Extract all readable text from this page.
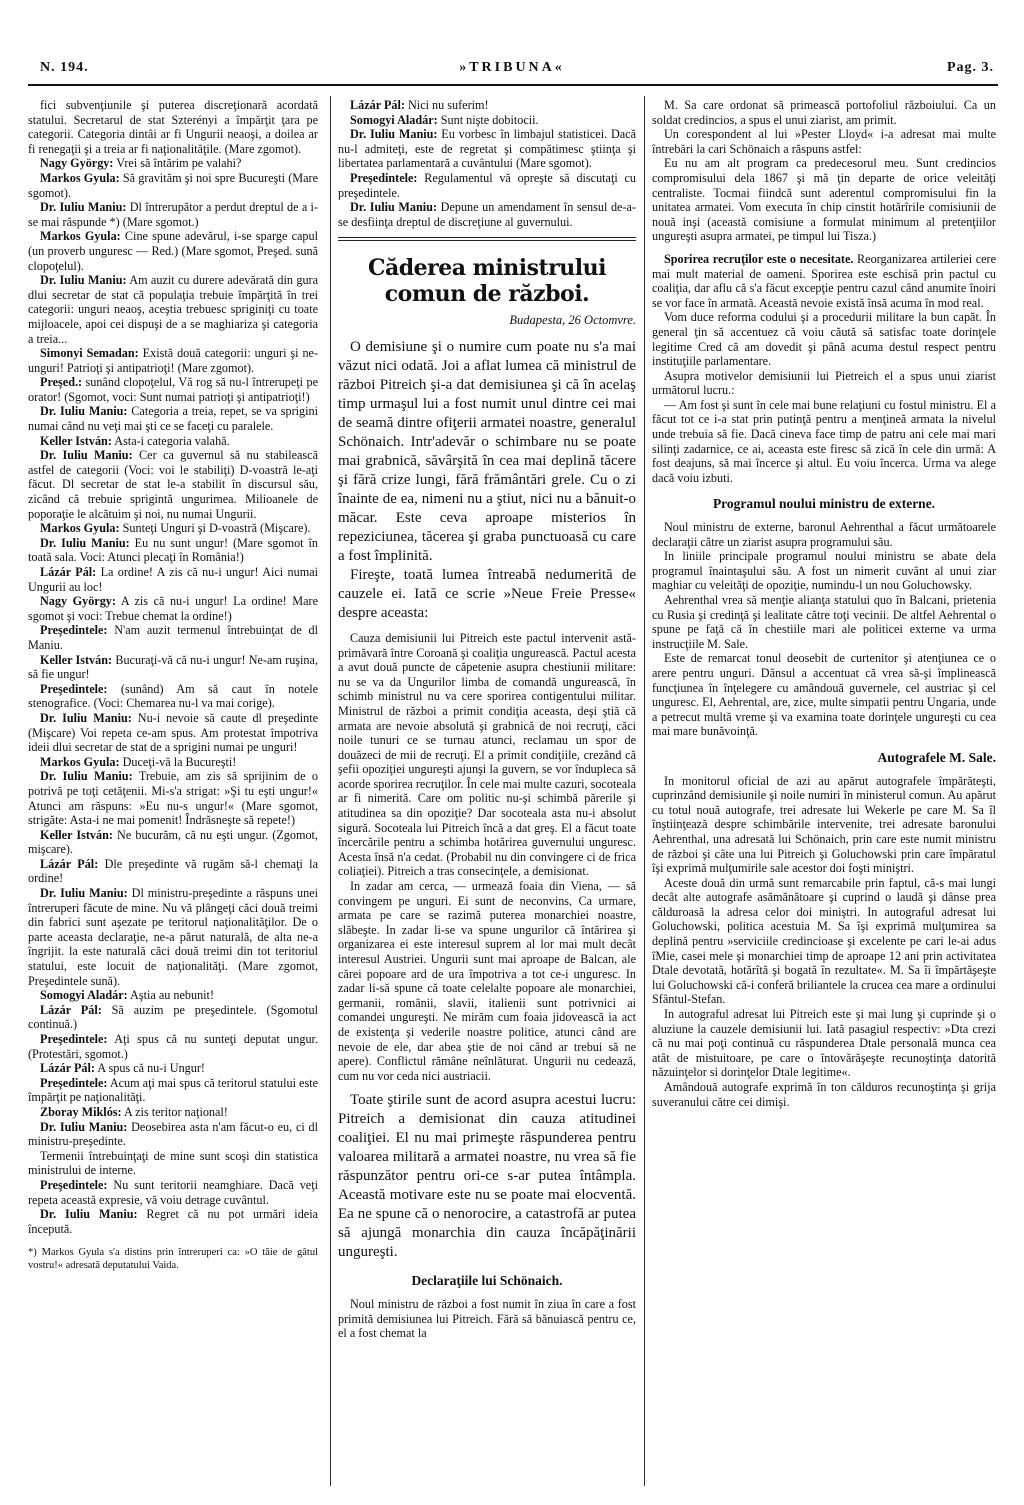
N. 194.	»TRIBUNA«	Pag. 3.

fici subvenţiunile şi puterea discreţionară acordată statului. Secretarul de stat Szterényi a împărţit ţara pe categorii. Categoria dintâi ar fi Ungurii neaoşi, a doilea ar fi renegaţii şi a treia ar fi naţionalităţile. (Mare zgomot).

Nagy György: Vrei să întărim pe valahi?

Markos Gyula: Să gravităm şi noi spre Bucureşti (Mare sgomot).

Dr. Iuliu Maniu: Dl întrerupător a perdut dreptul de a i-se mai răspunde *) (Mare sgomot.)

Markos Gyula: Cine spune adevărul, i-se sparge capul (un proverb unguresc — Red.) (Mare sgomot, Preşed. sună clopoţelul).

Dr. Iuliu Maniu: Am auzit cu durere adevărată din gura dlui secretar de stat că populaţia trebuie împărţită în trei categorii: unguri neaoş, aceştia trebuesc spriginiţi cu toate mijloacele, apoi cei dispuşi de a se maghiariza şi categoria a treia...

Simonyi Semadan: Există două categorii: unguri şi ne-unguri! Patrioţi şi antipatrioţi! (Mare zgomot).

Preşed.: sunând clopoţelul, Vă rog să nu-l întrerupeţi pe orator! (Sgomot, voci: Sunt numai patrioţi şi antipatrioţi!)

Dr. Iuliu Maniu: Categoria a treia, repet, se va sprigini numai când nu veţi mai şti ce se faceţi cu paralele.

Keller István: Asta-i categoria valahă.

Dr. Iuliu Maniu: Cer ca guvernul să nu stabilească astfel de categorii (Voci: voi le stabiliţi) D-voastră le-aţi făcut. Dl secretar de stat le-a stabilit în discursul său, zicând că trebuie sprigintă ungurimea. Milioanele de poporaţie le alcătuim şi noi, nu numai Ungurii.

Markos Gyula: Sunteţi Unguri şi D-voastră (Mişcare).

Dr. Iuliu Maniu: Eu nu sunt ungur! (Mare sgomot în toată sala. Voci: Atunci plecaţi în România!)

Lázár Pál: La ordine! A zis că nu-i ungur! Aici numai Ungurii au loc!

Nagy György: A zis că nu-i ungur! La ordine! Mare sgomot şi voci: Trebue chemat la ordine!)

Preşedintele: N'am auzit termenul întrebuinţat de dl Maniu.

Keller István: Bucuraţi-vă că nu-i ungur! Ne-am ruşina, să fie ungur!

Preşedintele: (sunând) Am să caut în notele stenografice. (Voci: Chemarea nu-l va mai corige).

Dr. Iuliu Maniu: Nu-i nevoie să caute dl preşedinte (Mişcare) Voi repeta ce-am spus. Am protestat împotriva ideii dlui secretar de stat de a sprigini numai pe unguri!

Markos Gyula: Duceţi-vă la Bucureşti!

Dr. Iuliu Maniu: Trebuie, am zis să sprijinim de o potrivă pe toţi cetăţenii. Mi-s'a strigat: »Şi tu eşti ungur!« Atunci am răspuns: »Eu nu-s ungur!« (Mare sgomot, strigăte: Asta-i ne mai pomenit! Îndrăsneşte să repete!)

Keller István: Ne bucurăm, că nu eşti ungur. (Zgomot, mişcare).

Lázár Pál: Dle preşedinte vă rugăm să-l chemaţi la ordine!

Dr. Iuliu Maniu: Dl ministru-preşedinte a răspuns unei întreruperi făcute de mine. Nu vă plângeţi căci două treimi din fabrici sunt aşezate pe teritorul naţionalităţilor. De o parte aceasta declaraţie, ne-a părut naturală, de alta ne-a îngrijit. la este naturală căci două treimi din tot teritoriul statului, este locuit de naţionalităţi. (Mare zgomot, Preşedintele sună).

Somogyi Aladár: Aştia au nebunit!

Lázár Pál: Să auzim pe preşedintele. (Sgomotul continuă.)

Preşedintele: Aţi spus că nu sunteţi deputat ungur. (Protestări, sgomot.)

Lázár Pál: A spus că nu-i Ungur!

Preşedintele: Acum aţi mai spus că teritorul statului este împărţit pe naţionalităţi.

Zboray Miklós: A zis teritor naţional!

Dr. Iuliu Maniu: Deosebirea asta n'am făcut-o eu, ci dl ministru-preşedinte.

Termenii întrebuinţaţi de mine sunt scoşi din statistica ministrului de interne.

Preşedintele: Nu sunt teritorii neamghiare. Dacă veţi repeta această expresie, vă voiu detrage cuvântul.

Dr. Iuliu Maniu: Regret că nu pot urmări ideia începută.

*) Markos Gyula s'a distins prin întreruperi ca: »O tăie de gâtul vostru!« adresată deputatului Vaida.

Lázár Pál: Nici nu suferim!

Somogyi Aladár: Sunt nişte dobitocii.

Dr. Iuliu Maniu: Eu vorbesc în limbajul statisticei. Dacă nu-l admiteţi, este de regretat şi compătimesc ştiinţa şi libertatea parlamentară a cuvântului (Mare sgomot).

Preşedintele: Regulamentul vă opreşte să discutaţi cu preşedintele.

Dr. Iuliu Maniu: Depune un amendament în sensul de-a-se desfiinţa dreptul de discreţiune al guvernului.

Căderea ministrului comun de război.

Budapesta, 26 Octomvre.

O demisiune şi o numire cum poate nu s'a mai văzut nici odată. Joi a aflat lumea că ministrul de război Pitreich şi-a dat demisiunea şi că în acelaş timp urmaşul lui a fost numit unul dintre cei mai de seamă dintre ofiţerii armatei noastre, generalul Schönaich. Intr'adevăr o schimbare nu se poate mai grabnică, săvârşită în cea mai deplină tăcere şi fără crize lungi, fără frământări grele. Cu o zi înainte de ea, nimeni nu a ştiut, nici nu a bănuit-o măcar. Este ceva aproape misterios în repeziciunea, tăcerea şi graba punctuoasă cu care a fost împlinită.

Fireşte, toată lumea întreabă nedumerită de cauzele ei. Iată ce scrie »Neue Freie Presse« despre aceasta:

Cauza demisiunii lui Pitreich este pactul intervenit astă-primăvară între Coroană şi coaliţia ungurească. Pactul acesta a avut două puncte de căpetenie asupra chestiunii militare: nu se va da Ungurilor limba de comandă ungurească, în schimb ministrul nu va cere sporirea contigentului militar. Ministrul de război a primit condiţia aceasta, deşi ştiă că armata are nevoie absolută şi grabnică de noi recruţi, căci noile tunuri ce se turnau atunci, reclamau un spor de douăzeci de mii de recruţi. El a primit condiţiile, crezând că şefii opoziţiei ungureşti ajunşi la guvern, se vor îndupleca să acorde sporirea recruţilor. În cele mai multe cazuri, socoteala ar fi nimerită. Care om politic nu-şi schimbă părerile şi atitudinea sa din opoziţie? Dar socoteala asta nu-i absolut sigură. Socoteala lui Pitreich încă a dat greş. El a făcut toate încercările pentru a schimba hotărirea guvernului unguresc. Acesta însă n'a cedat. (Probabil nu din convingere ci de frica coliaţiei). Pitreich a tras consecinţele, a demisionat.

In zadar am cerca, — urmează foaia din Viena, — să convingem pe unguri. Ei sunt de neconvins, Ca urmare, armata pe care se razimă puterea monarchiei noastre, slăbeşte. In zadar li-se va spune ungurilor că întărirea şi organizarea ei este interesul suprem al lor mai mult decât interesul Austriei. Ungurii sunt mai aproape de Balcan, ale cărei popoare ard de ura împotriva a tot ce-i unguresc. In zadar li-să spune că toate celelalte popoare ale monarchiei, germanii, românii, slavii, italienii sunt potrivnici ai comandei ungureşti. Ne mirăm cum foaia jidovească ia act de existenţa şi vederile noastre politice, atunci când are nevoie de ele, dar abea ştie de noi când ar trebui să ne apere). Conflictul rămâne neînlăturat. Ungurii nu cedează, cum nu vor ceda nici austriacii.

Toate ştirile sunt de acord asupra acestui lucru: Pitreich a demisionat din cauza atitudinei coaliţiei. El nu mai primeşte răspunderea pentru valoarea militară a armatei noastre, nu vrea să fie răspunzător pentru ori-ce s-ar putea întâmpla. Această motivare este nu se poate mai elocventă. Ea ne spune că o nenorocire, a catastrofă ar putea să ajungă monarchia din cauza încăpăţinării ungureşti.

Declaraţiile lui Schönaich.

Noul ministru de război a fost numit în ziua în care a fost primită demisiunea lui Pitreich. Fără să bănuiască pentru ce, el a fost chemat la

M. Sa care ordonat să primească portofoliul războiului. Ca un soldat credincios, a spus el unui ziarist, am primit.

Un corespondent al lui »Pester Lloyd« i-a adresat mai multe întrebări la cari Schönaich a răspuns astfel:

Eu nu am alt program ca predecesorul meu. Sunt credincios compromisului dela 1867 şi mă ţin departe de orice veleităţi centraliste. Tocmai fiindcă sunt aderentul compromisului fin la unitatea armatei. Vom executa în chip cinstit hotărîrile comisiunii de nouă inşi (această comisiune a formulat minimum al pretenţiilor ungureşti asupra armatei, pe timpul lui Tisza.)

Sporirea recruţilor este o necesitate. Reorganizarea artileriei cere mai mult material de oameni. Sporirea este eschisă prin pactul cu coaliţia, dar aflu că s'a făcut excepţie pentru cazul când anumite înoiri se vor face în armată. Această nevoie există însă acuma în mod real.

Vom duce reforma codului şi a procedurii militare la bun capăt. În general ţin să accentuez că voiu căută să satisfac toate dorinţele legitime Cred că am dovedit şi până acuma destul respect pentru instituţiile parlamentare.

Asupra motivelor demisiunii lui Pietreich el a spus unui ziarist următorul lucru.:

— Am fost şi sunt în cele mai bune relaţiuni cu fostul ministru. El a făcut tot ce i-a stat prin putinţă pentru a menţineă armata la nivelul unde trebuia să fie. Dacă cineva face timp de patru ani cele mai mari silinţi zadarnice, ce ai, aceasta este firesc să zică în cele din urmă: A fost deajuns, să mai încerce şi altul. Eu voiu încerca. Urma va alege dacă voiu izbuti.

Programul noului ministru de externe.

Noul ministru de externe, baronul Aehrenthal a făcut următoarele declaraţii către un ziarist asupra programului său.

In liniile principale programul noului ministru se abate dela programul înaintaşului său. A fost un nimerit cuvânt al unui ziar maghiar cu veleităţi de opoziţie, numindu-l un nou Goluchowsky.

Aehrenthal vrea să menţie alianţa statului quo în Balcani, prietenia cu Rusia şi credinţă şi lealitate către toţi vecinii. De altfel Aehrental o spune pe faţă că în chestiile mari ale politicei externe va urma instrucţiile M. Sale.

Este de remarcat tonul deosebit de curtenitor şi atenţiunea ce o arere pentru unguri. Dânsul a accentuat că vrea să-şi împlinească funcţiunea în înţelegere cu amândouă guvernele, cel austriac şi cel unguresc. El, Aehrental, are, zice, multe simpatii pentru Ungaria, unde a petrecut multă vreme şi va examina toate dorinţele ungureşti cu cea mai mare bunăvoinţă.

Autografele M. Sale.

In monitorul oficial de azi au apărut autografele împărăteşti, cuprinzând demisiunile şi noile numiri în ministerul comun. Au apărut cu totul nouă autografe, trei adresate lui Wekerle pe care M. Sa îl înştiinţează despre schimbările intervenite, trei adresate baronului Aehrenthal, una adresată lui Schönaich, prin care este numit ministru de război şi câte una lui Pitreich şi Goluchowski prin care împăratul îşi exprimă mulţumirile sale acestor doi foşti miniştri.

Aceste două din urmă sunt remarcabile prin faptul, că-s mai lungi decât alte autografe asămănătoare şi cuprind o laudă şi dânse prea călduroasă la adresa celor doi miniştri. In autograful adresat lui Goluchowski, politica acestuia M. Sa îşi exprimă mulţumirea sa deplină pentru »serviciile credincioase şi excelente pe cari le-ai adus îMie, casei mele şi monarchiei timp de aproape 12 ani prin activitatea Dtale devotată, hotărîtă şi bogată în rezultate«. M. Sa îi împărtăşeşte lui Goluchowski că-i conferă briliantele la crucea cea mare a ordinului Sfântul-Stefan.

In autograful adresat lui Pitreich este şi mai lung şi cuprinde şi o aluziune la cauzele demisiunii lui. Iată pasagiul respectiv: »Dta crezi că nu mai poţi continuă cu răspunderea Dtale personală munca cea atât de mistuitoare, pe care o întovărăşeşte recunoştinţa datorită năzuinţelor si dorinţelor Dtale legitime«.

Amândouă autografe exprimă în ton călduros recunoştinţa şi grija suveranului către cei dimişi.
